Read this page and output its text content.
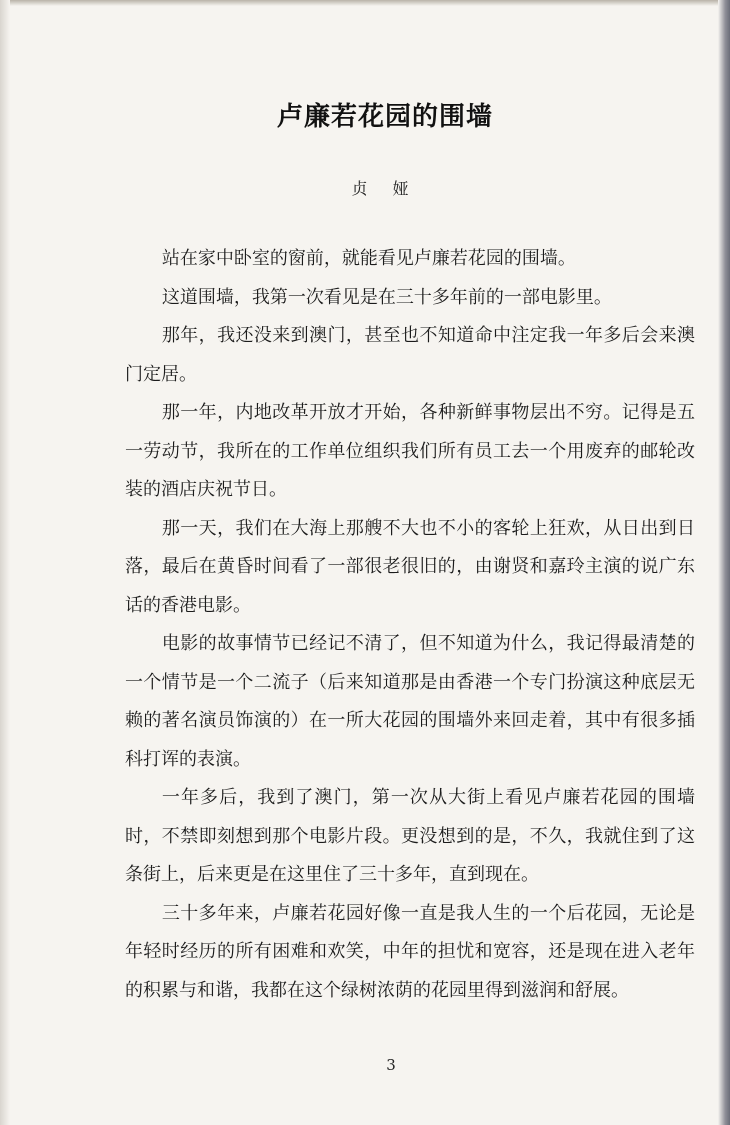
卢廉若花园的围墙
贞 娅

站在家中卧室的窗前，就能看见卢廉若花园的围墙。

这道围墙，我第一次看见是在三十多年前的一部电影里。

那年，我还没来到澳门，甚至也不知道命中注定我一年多后会来澳门定居。

那一年，内地改革开放才开始，各种新鲜事物层出不穷。记得是五一劳动节，我所在的工作单位组织我们所有员工去一个用废弃的邮轮改装的酒店庆祝节日。

那一天，我们在大海上那艘不大也不小的客轮上狂欢，从日出到日落，最后在黄昏时间看了一部很老很旧的，由谢贤和嘉玲主演的说广东话的香港电影。

电影的故事情节已经记不清了，但不知道为什么，我记得最清楚的一个情节是一个二流子（后来知道那是由香港一个专门扮演这种底层无赖的著名演员饰演的）在一所大花园的围墙外来回走着，其中有很多插科打诨的表演。

一年多后，我到了澳门，第一次从大街上看见卢廉若花园的围墙时，不禁即刻想到那个电影片段。更没想到的是，不久，我就住到了这条街上，后来更是在这里住了三十多年，直到现在。

三十多年来，卢廉若花园好像一直是我人生的一个后花园，无论是年轻时经历的所有困难和欢笑，中年的担忧和宽容，还是现在进入老年的积累与和谐，我都在这个绿树浓荫的花园里得到滋润和舒展。

3
